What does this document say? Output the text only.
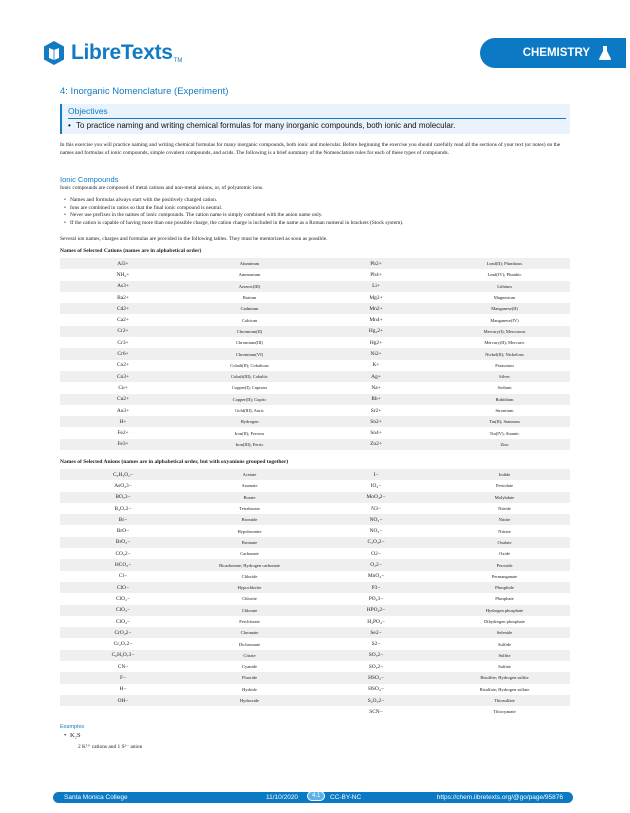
LibreTexts TM
CHEMISTRY
4: Inorganic Nomenclature (Experiment)
Objectives
• To practice naming and writing chemical formulas for many inorganic compounds, both ionic and molecular.
In this exercise you will practice naming and writing chemical formulas for many inorganic compounds, both ionic and molecular. Before beginning the exercise you should carefully read all the sections of your text (or notes) on the names and formulas of ionic compounds, simple covalent compounds, and acids. The following is a brief summary of the Nomenclature rules for each of these types of compounds.
Ionic Compounds
Ionic compounds are composed of metal cations and non-metal anions, or, of polyatomic ions.
• Names and formulas always start with the positively charged cation.
• Ions are combined in ratios so that the final ionic compound is neutral.
• Never use prefixes in the names of ionic compounds. The cation name is simply combined with the anion name only.
• If the cation is capable of having more than one possible charge, the cation charge is included in the name as a Roman numeral in brackets (Stock system).
Several ion names, charges and formulas are provided in the following tables. They must be memorized as soon as possible.
Names of Selected Cations (names are in alphabetical order)
Al3+	Aluminum	Pb2+	Lead(II); Plumbous
NH₄+	Ammonium	Pb4+	Lead(IV); Plumbic
As3+	Arsenic(III)	Li+	Lithium
Ba2+	Barium	Mg2+	Magnesium
Cd2+	Cadmium	Mn2+	Manganese(II)
Ca2+	Calcium	Mn4+	Manganese(IV)
Cr2+	Chromium(II)	Hg₂2+	Mercury(I); Mercurous
Cr3+	Chromium(III)	Hg2+	Mercury(II); Mercuric
Cr6+	Chromium(VI)	Ni2+	Nickel(II); Nickelous
Co2+	Cobalt(II); Cobaltous	K+	Potassium
Co3+	Cobalt(III); Cobaltic	Ag+	Silver
Cu+	Copper(I); Cuprous	Na+	Sodium
Cu2+	Copper(II); Cupric	Rb+	Rubidium
Au3+	Gold(III); Auric	Sr2+	Strontium
H+	Hydrogen	Sn2+	Tin(II); Stannous
Fe2+	Iron(II); Ferrous	Sn4+	Tin(IV); Stannic
Fe3+	Iron(III); Ferric	Zn2+	Zinc
Names of Selected Anions (names are in alphabetical order, but with oxyanions grouped together)
C₂H₃O₂−	Acetate	I−	Iodide
AsO₄3−	Arsenate	IO₄−	Periodate
BO₃3−	Borate	MoO₄2−	Molybdate
B₄O₇2−	Tetraborate	N3−	Nitride
Br−	Bromide	NO₂−	Nitrite
BrO−	Hypobromite	NO₃−	Nitrate
BrO₃−	Bromate	C₂O₄2−	Oxalate
CO₃2−	Carbonate	O2−	Oxide
HCO₃−	Bicarbonate; Hydrogen carbonate	O₂2−	Peroxide
Cl−	Chloride	MnO₄−	Permanganate
ClO−	Hypochlorite	P3−	Phosphide
ClO₂−	Chlorite	PO₄3−	Phosphate
ClO₃−	Chlorate	HPO₄2−	Hydrogen phosphate
ClO₄−	Perchlorate	H₂PO₄−	Dihydrogen phosphate
CrO₄2−	Chromate	Se2−	Selenide
Cr₂O₇2−	Dichromate	S2−	Sulfide
C₆H₅O₇3−	Citrate	SO₃2−	Sulfite
CN−	Cyanide	SO₄2−	Sulfate
F−	Fluoride	HSO₃−	Bisulfite; Hydrogen sulfite
H−	Hydride	HSO₄−	Bisulfate; Hydrogen sulfate
OH−	Hydroxide	S₂O₃2−	Thiosulfate
		SCN−	Thiocyanate
Examples
• K₂S
2 K¹⁺ cations and 1 S²⁻ anion
Santa Monica College	11/10/2020	4.1	CC-BY-NC	https://chem.libretexts.org/@go/page/95876
